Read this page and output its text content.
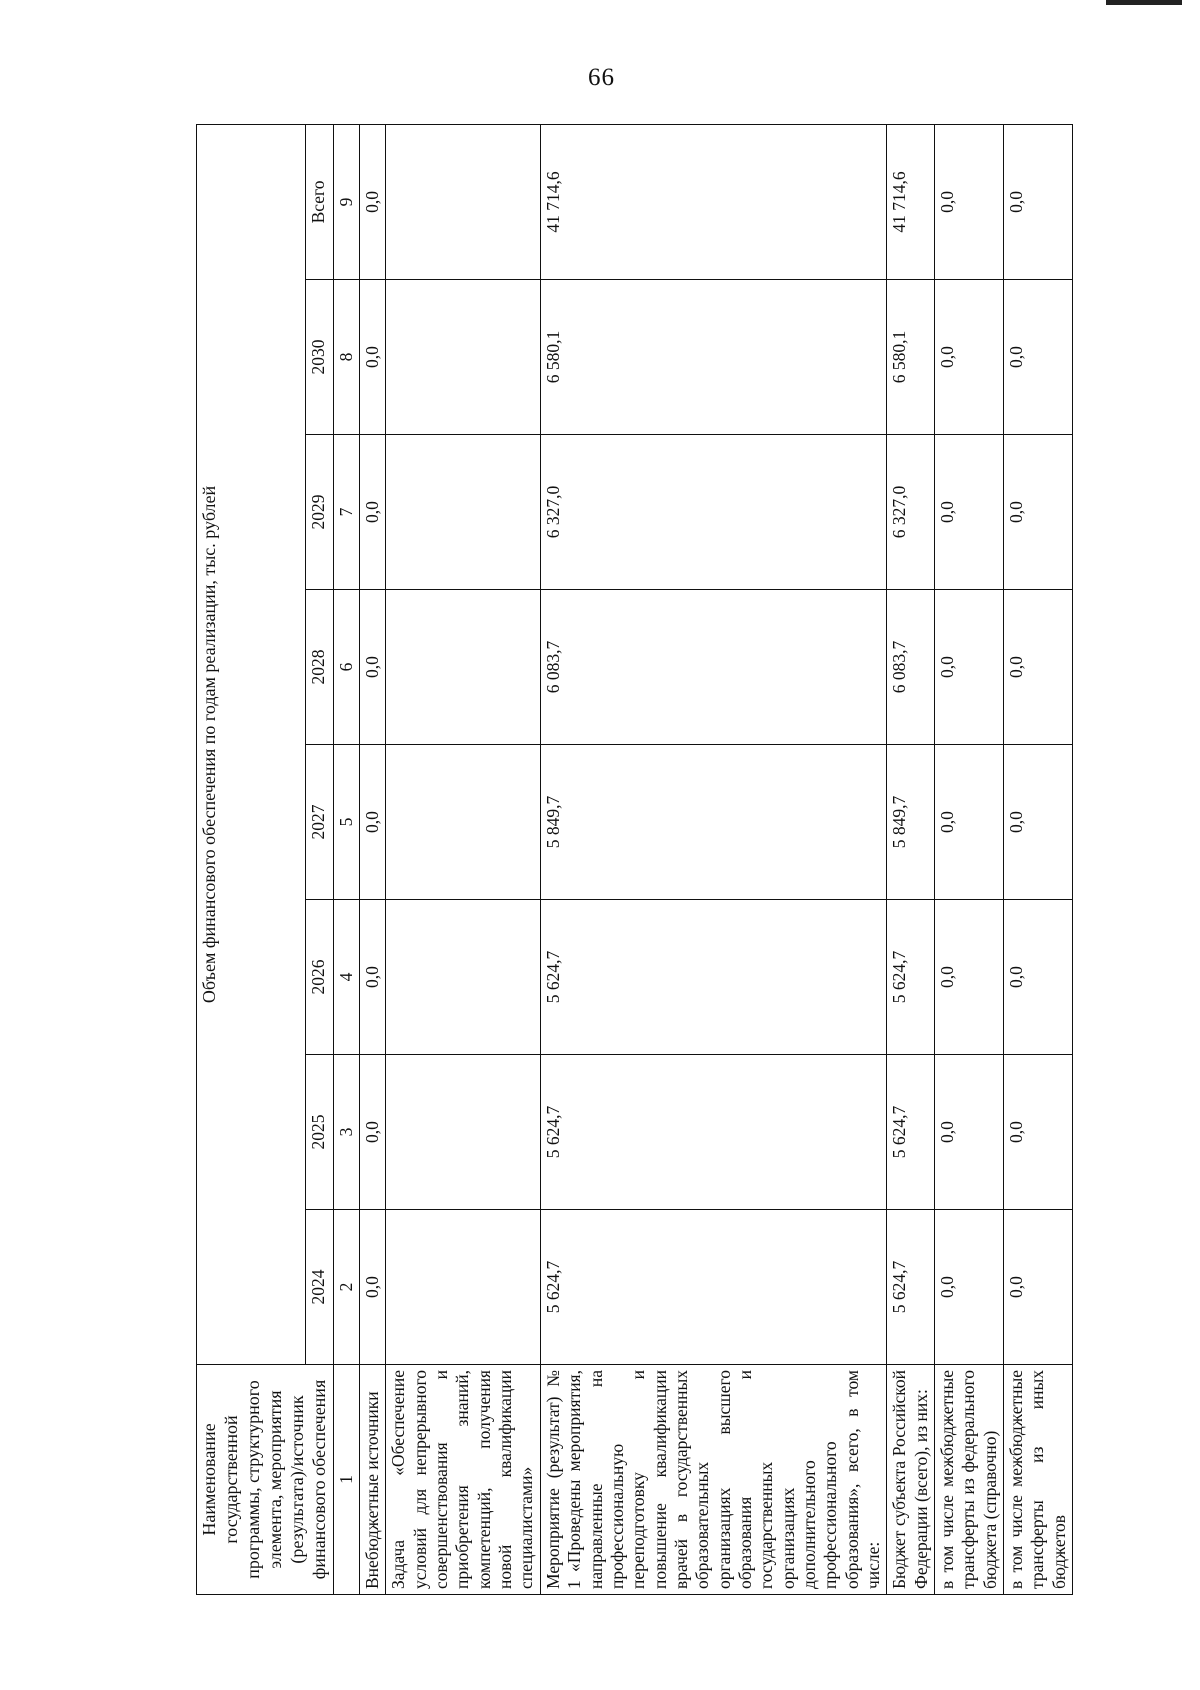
66
Наименование государственной программы, структурного элемента, мероприятия (результата)/источник финансового обеспечения	Объем финансового обеспечения по годам реализации, тыс. рублей							
	2024	2025	2026	2027	2028	2029	2030	Всего
1	2	3	4	5	6	7	8	9
Внебюджетные источники	0,0	0,0	0,0	0,0	0,0	0,0	0,0	0,0
Задача «Обеспечение условий для непрерывного совершенствования и приобретения знаний, компетенций, получения новой квалификации специалистами»								
Мероприятие (результат) № 1 «Проведены мероприятия, направленные на профессиональную переподготовку и повышение квалификации врачей в государственных образовательных организациях высшего образования и государственных организациях дополнительного профессионального образования», всего, в том числе:	5 624,7	5 624,7	5 624,7	5 849,7	6 083,7	6 327,0	6 580,1	41 714,6
Бюджет субъекта Российской Федерации (всего), из них:	5 624,7	5 624,7	5 624,7	5 849,7	6 083,7	6 327,0	6 580,1	41 714,6
в том числе межбюджетные трансферты из федерального бюджета (справочно)	0,0	0,0	0,0	0,0	0,0	0,0	0,0	0,0
в том числе межбюджетные трансферты из иных бюджетов	0,0	0,0	0,0	0,0	0,0	0,0	0,0	0,0
